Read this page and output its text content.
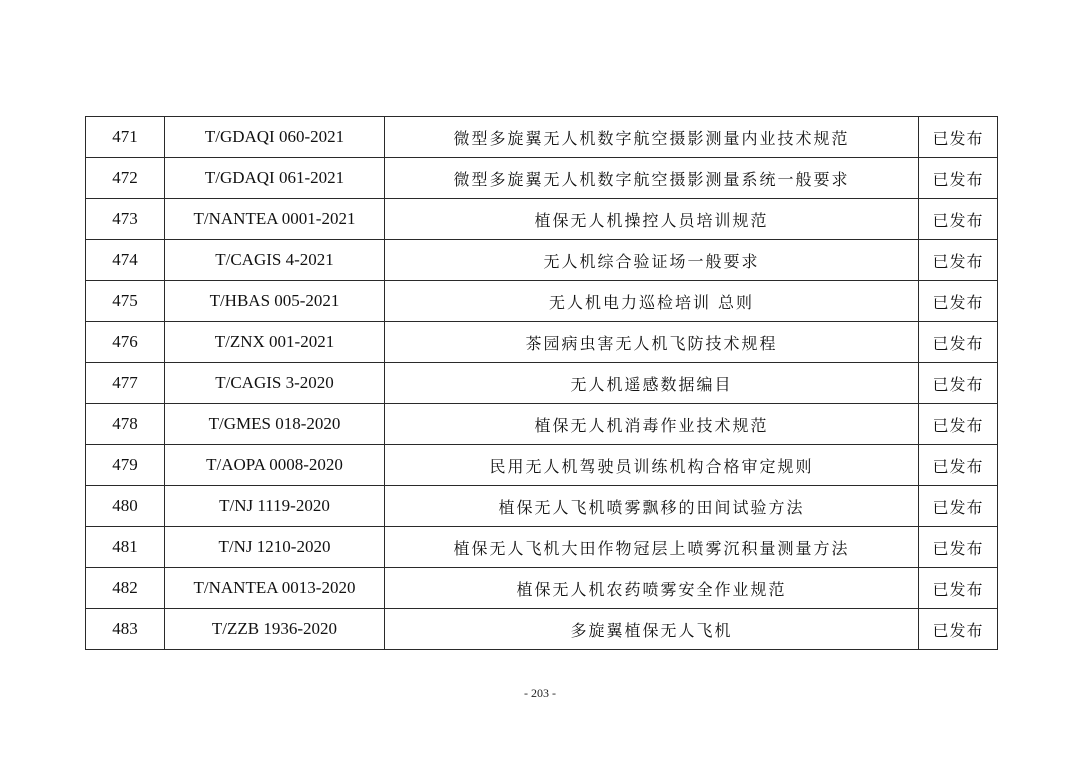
471	T/GDAQI 060-2021	微型多旋翼无人机数字航空摄影测量内业技术规范	已发布
472	T/GDAQI 061-2021	微型多旋翼无人机数字航空摄影测量系统一般要求	已发布
473	T/NANTEA 0001-2021	植保无人机操控人员培训规范	已发布
474	T/CAGIS 4-2021	无人机综合验证场一般要求	已发布
475	T/HBAS 005-2021	无人机电力巡检培训 总则	已发布
476	T/ZNX 001-2021	茶园病虫害无人机飞防技术规程	已发布
477	T/CAGIS 3-2020	无人机遥感数据编目	已发布
478	T/GMES 018-2020	植保无人机消毒作业技术规范	已发布
479	T/AOPA 0008-2020	民用无人机驾驶员训练机构合格审定规则	已发布
480	T/NJ 1119-2020	植保无人飞机喷雾飘移的田间试验方法	已发布
481	T/NJ 1210-2020	植保无人飞机大田作物冠层上喷雾沉积量测量方法	已发布
482	T/NANTEA 0013-2020	植保无人机农药喷雾安全作业规范	已发布
483	T/ZZB 1936-2020	多旋翼植保无人飞机	已发布
- 203 -
